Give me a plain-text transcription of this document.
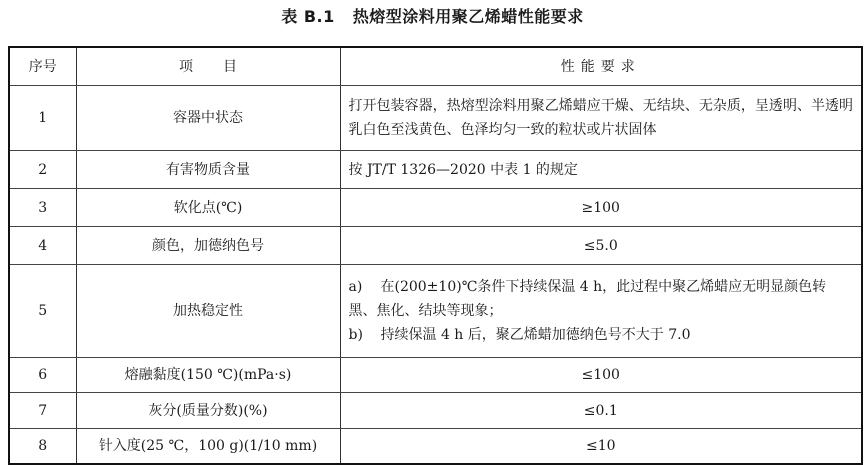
表 B.1 热熔型涂料用聚乙烯蜡性能要求
序号	项目	性能要求
1	容器中状态	打开包装容器，热熔型涂料用聚乙烯蜡应干燥、无结块、无杂质，呈透明、半透明乳白色至浅黄色、色泽均匀一致的粒状或片状固体
2	有害物质含量	按 JT/T 1326—2020 中表 1 的规定
3	软化点(℃)	≥100
4	颜色，加德纳色号	≤5.0
5	加热稳定性	a) 在(200±10)℃条件下持续保温 4 h，此过程中聚乙烯蜡应无明显颜色转黑、焦化、结块等现象；
b) 持续保温 4 h 后，聚乙烯蜡加德纳色号不大于 7.0

6	熔融黏度(150 ℃)(mPa·s)	≤100
7	灰分(质量分数)(%)	≤0.1
8	针入度(25 ℃，100 g)(1/10 mm)	≤10
